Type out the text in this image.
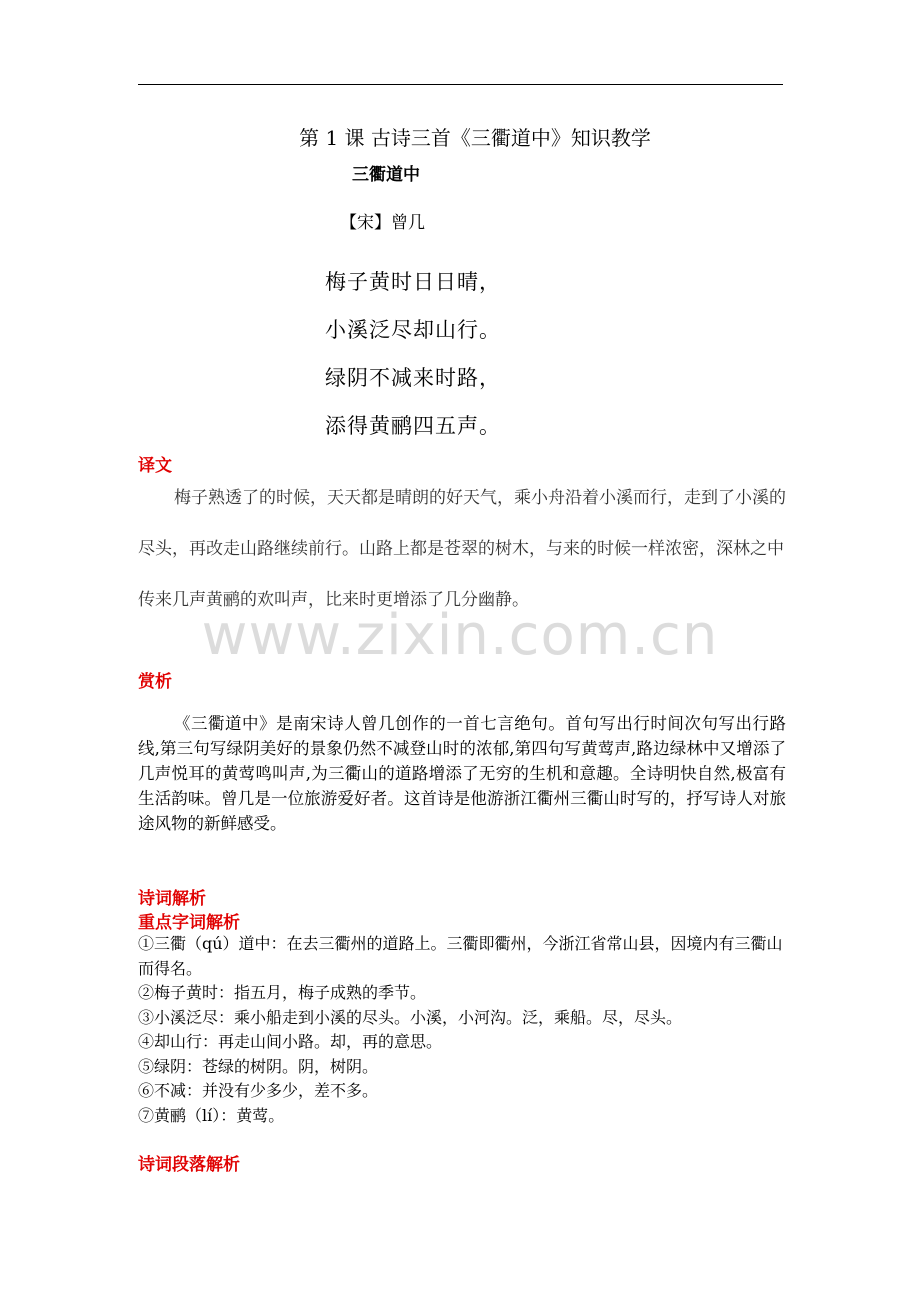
第 1 课 古诗三首《三衢道中》知识教学
三衢道中
【宋】曾几
梅子黄时日日晴，
小溪泛尽却山行。
绿阴不减来时路，
添得黄鹂四五声。
译文

梅子熟透了的时候，天天都是晴朗的好天气，乘小舟沿着小溪而行，走到了小溪的尽头，再改走山路继续前行。山路上都是苍翠的树木，与来的时候一样浓密，深林之中传来几声黄鹂的欢叫声，比来时更增添了几分幽静。

www.zixin.com.cn
赏析
《三衢道中》是南宋诗人曾几创作的一首七言绝句。首句写出行时间次句写出行路线,第三句写绿阴美好的景象仍然不减登山时的浓郁,第四句写黄莺声,路边绿林中又增添了几声悦耳的黄莺鸣叫声,为三衢山的道路增添了无穷的生机和意趣。全诗明快自然,极富有生活韵味。曾几是一位旅游爱好者。这首诗是他游浙江衢州三衢山时写的，抒写诗人对旅途风物的新鲜感受。
诗词解析
重点字词解析
①三衢（qú）道中：在去三衢州的道路上。三衢即衢州，今浙江省常山县，因境内有三衢山而得名。
②梅子黄时：指五月，梅子成熟的季节。
③小溪泛尽：乘小船走到小溪的尽头。小溪，小河沟。泛，乘船。尽，尽头。
④却山行：再走山间小路。却，再的意思。
⑤绿阴：苍绿的树阴。阴，树阴。
⑥不减：并没有少多少，差不多。
⑦黄鹂（lí）：黄莺。
诗词段落解析
